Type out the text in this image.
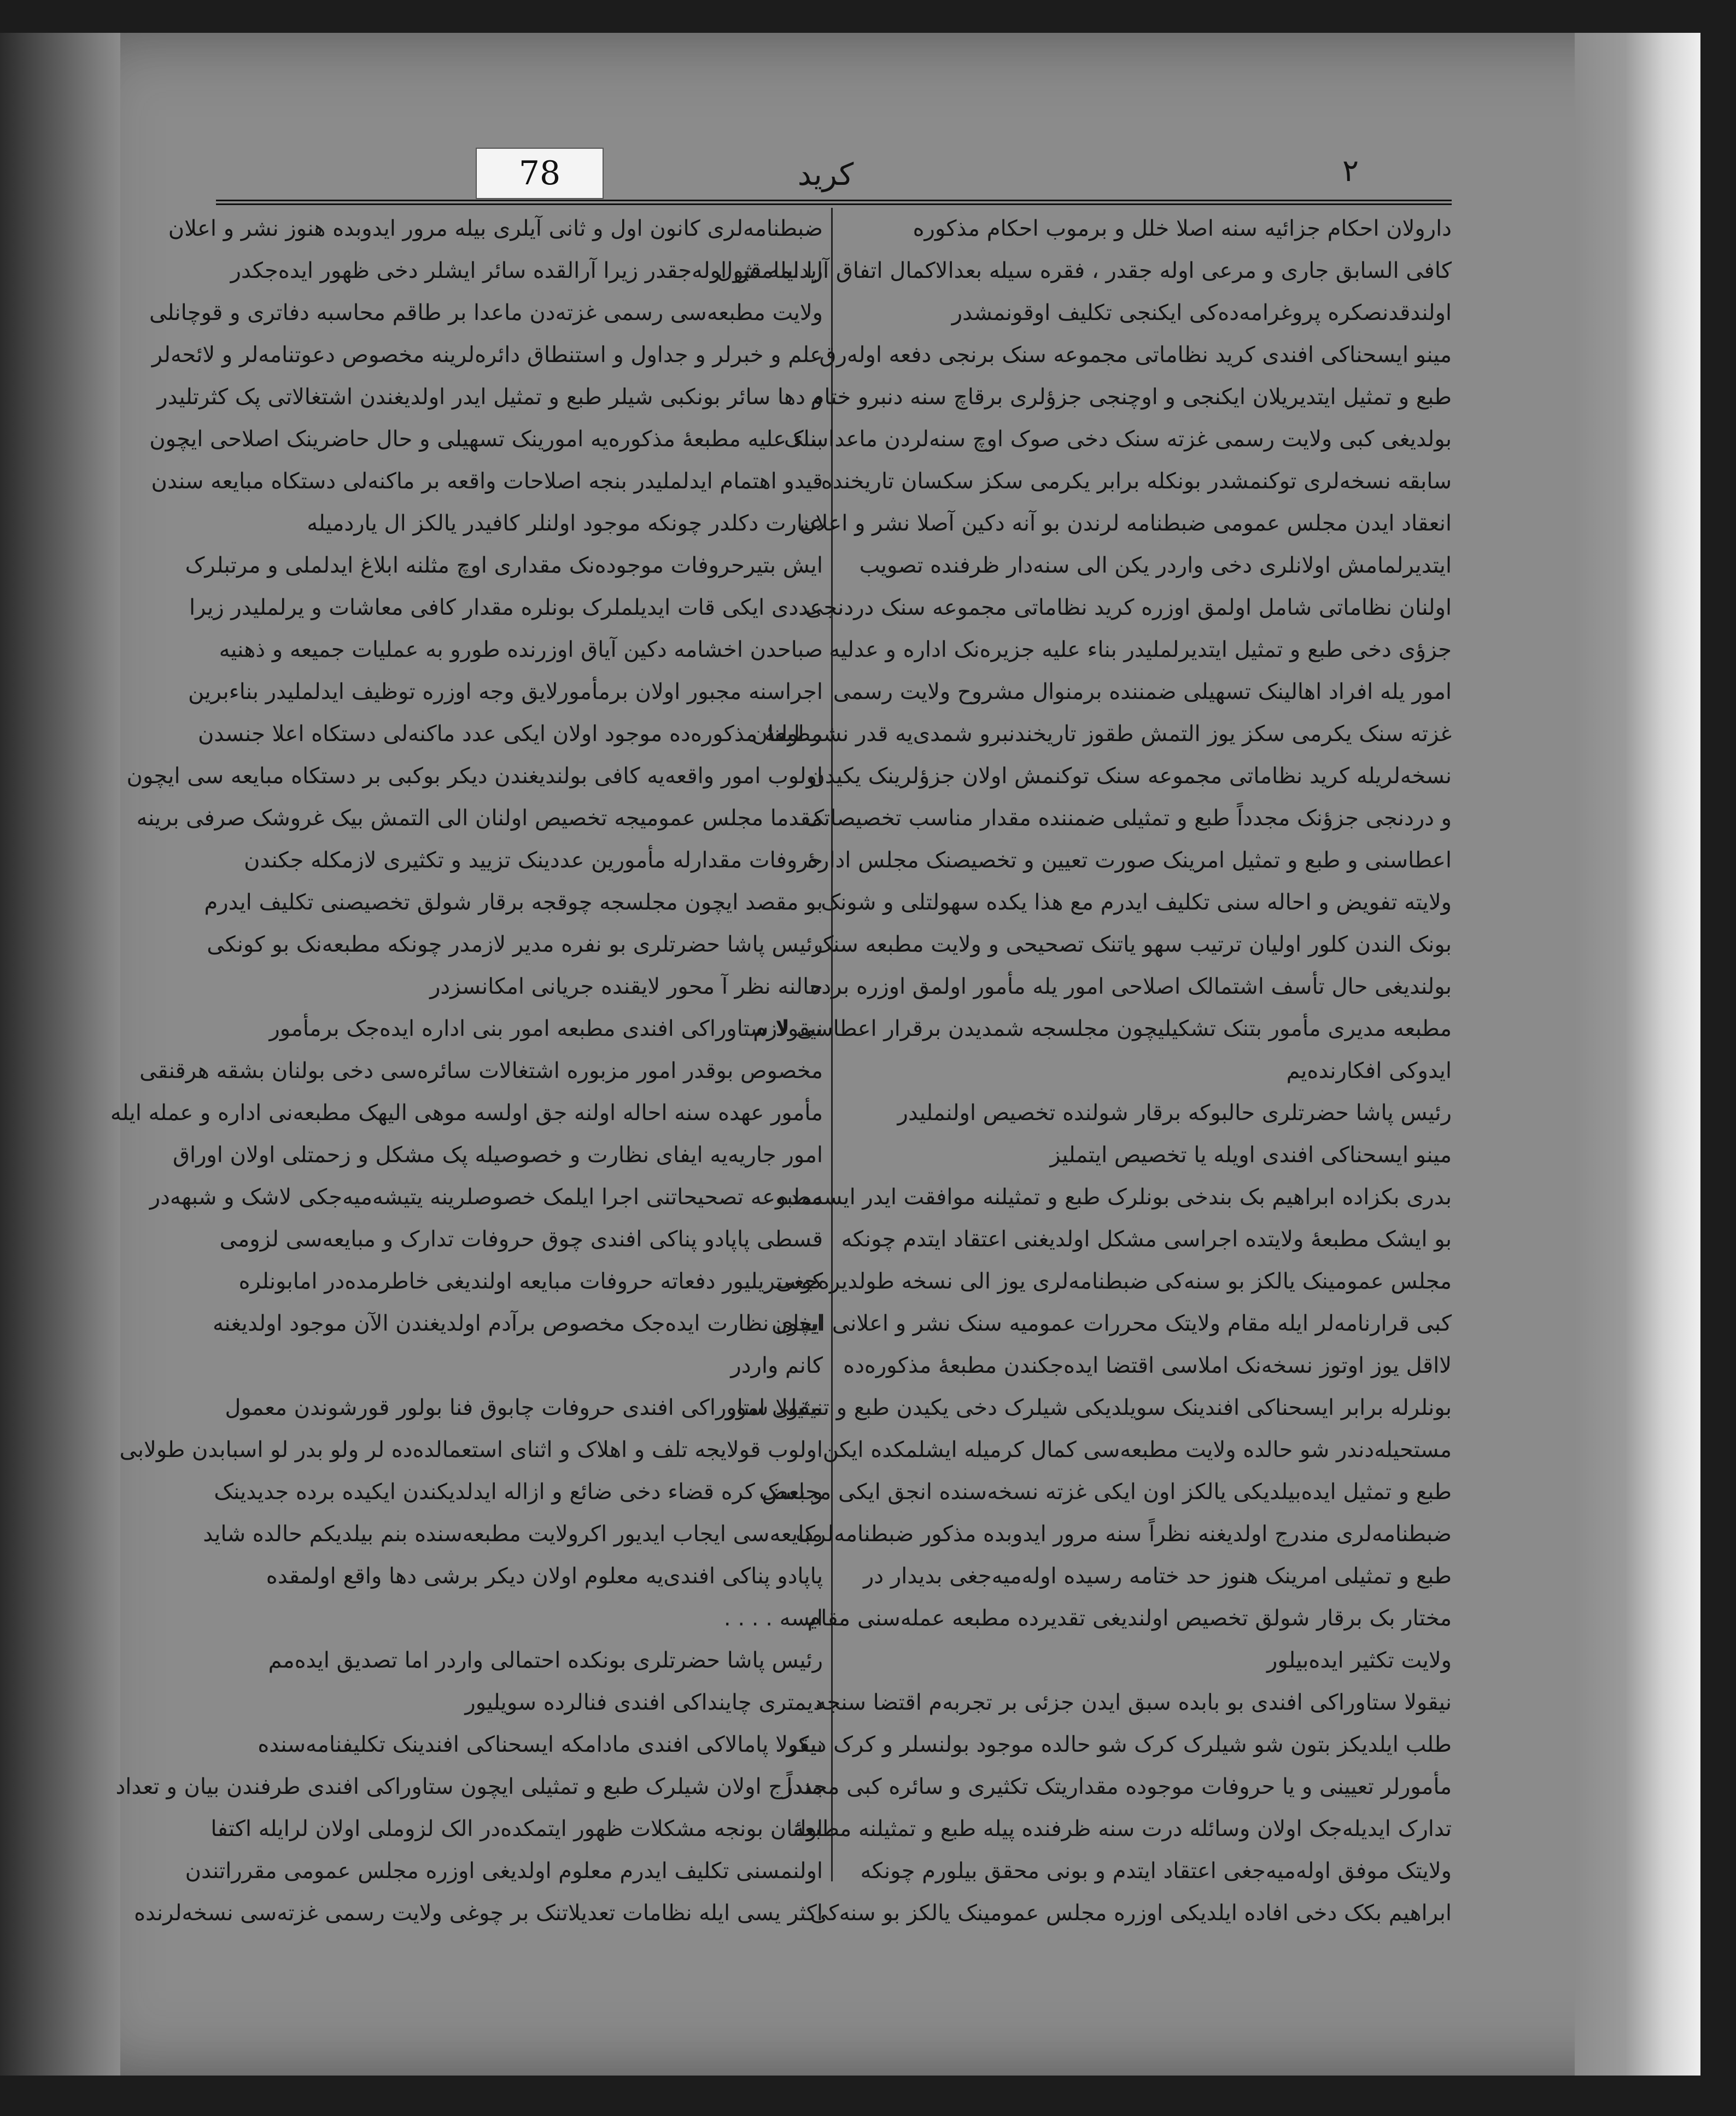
78	کرید	٢
دارولان احکام جزائیه سنه اصلا خلل و برموب احکام مذکوره
کافی السابق جاری و مرعی اوله جقدر ، فقره سیله بعدالاکمال اتفاق آرا ایله قبول
اولندقدنصکره پروغرامه‌ده‌کی ایکنجی تکلیف اوقونمشدر
مینو ایسحناکی افندی کرید نظاماتی مجموعه سنک برنجی دفعه اوله‌رق
طبع و تمثیل ایتدیریلان ایکنجی و اوچنجی جزؤلری برقاچ سنه دنبرو ختام
بولدیغی کبی ولایت رسمی غزته سنک دخی صوک اوچ سنه‌لردن ماعداسنک
سابقه نسخه‌لری توکنمشدر بونکله برابر یکرمی سکز سکسان تاریخنده
انعقاد ایدن مجلس عمومی ضبطنامه لرندن بو آنه دکین آصلا نشر و اعلان
ایتدیرلمامش اولانلری دخی واردر یکن الی سنه‌دار ظرفنده تصویب
اولنان نظاماتی شامل اولمق اوزره کرید نظاماتی مجموعه سنک دردنجی
جزؤی دخی طبع و تمثیل ایتدیرلملیدر بناء علیه جزیره‌نک اداره و عدلیه
امور یله افراد اهالینک تسهیلی ضمننده برمنوال مشروح ولایت رسمی
غزته سنک یکرمی سکز یوز التمش طقوز تاریخندنبرو شمدی‌یه قدر نشر اولنان
نسخه‌لریله کرید نظاماتی مجموعه سنک توکنمش اولان جزؤلرینک یکیدن
و دردنجی جزؤنک مجدداً طبع و تمثیلی ضمننده مقدار مناسب تخصیصاتک
اعطاسنی و طبع و تمثیل امرینک صورت تعیین و تخصیصنک مجلس اداره‌ٔ
ولایته تفویض و احاله سنی تکلیف ایدرم مع هذا یکده سهولتلی و شونک
بونک الندن کلور اولیان ترتیب سهو یاتنک تصحیحی و ولایت مطبعه سنک
بولندیغی حال تأسف اشتمالک اصلاحی امور یله مأمور اولمق اوزره برده
مطبعه مدیری مأمور بتنک تشکیلیچون مجلسجه شمدیدن برقرار اعطاسی لازم
ایدوکی افکارنده‌یم
رئیس پاشا حضرتلری حالبوکه برقار شولنده تخصیص اولنملیدر
مینو ایسحناکی افندی اویله یا تخصیص ایتملیز
بدری بکزاده ابراهیم بک بندخی بونلرک طبع و تمثیلنه موافقت ایدر ایسه‌مده
بو ایشک مطبعهٔ ولایتده اجراسی مشکل اولدیغنی اعتقاد ایتدم چونکه
مجلس عمومینک یالکز بو سنه‌کی ضبطنامه‌لری یوز الی نسخه طولدیره‌جغی
کبی قرارنامه‌لر ایله مقام ولایتک محررات عمومیه سنک نشر و اعلانی ایچون
لااقل یوز اوتوز نسخه‌نک املاسی اقتضا ایده‌جکندن مطبعهٔ مذکوره‌ده
بونلرله برابر ایسحناکی افندینک سویلدیکی شیلرک دخی یکیدن طبع و تمثیلی امور
مستحیله‌دندر شو حالده ولایت مطبعه‌سی کمال کرمیله ایشلمکده ایکن
طبع و تمثیل ایده‌بیلدیکی یالکز اون ایکی غزته نسخه‌سنده انجق ایکی مجلسک
ضبطنامه‌لری مندرج اولدیغنه نظراً سنه مرور ایدوبده مذکور ضبطنامه‌لرک
طبع و تمثیلی امرینک هنوز حد ختامه رسیده اوله‌میه‌جغی بدیدار در
مختار بک برقار شولق تخصیص اولندیغی تقدیرده مطبعه عمله‌سنی مقام
ولایت تکثیر ایده‌بیلور
نیقولا ستاوراکی افندی بو بابده سبق ایدن جزئی بر تجربه‌م اقتضا سنجه
طلب ایلدیکز بتون شو شیلرک کرک شو حالده موجود بولنسلر و کرک دیکر
مأمورلر تعیینی و یا حروفات موجوده مقداریتک تکثیری و سائره کبی مجدداً
تدارک ایدیله‌جک اولان وسائله درت سنه ظرفنده پیله طبع و تمثیلنه مطبعهٔ
ولایتک موفق اوله‌میه‌جغی اعتقاد ایتدم و بونی محقق بیلورم چونکه
ابراهیم بکک دخی افاده ایلدیکی اوزره مجلس عمومینک یالکز بو سنه‌کی
ضبطنامه‌لری کانون اول و ثانی آیلری بیله مرور ایدوبده هنوز نشر و اعلان
ایدلمامش اوله‌جقدر زیرا آرالقده سائر ایشلر دخی ظهور ایده‌جکدر
ولایت مطبعه‌سی رسمی غزته‌دن ماعدا بر طاقم محاسبه دفاتری و قوچانلی
علم و خبرلر و جداول و استنطاق دائره‌لرینه مخصوص دعوتنامه‌لر و لائحه‌لر
و دها سائر بونکبی شیلر طبع و تمثیل ایدر اولدیغندن اشتغالاتی پک کثرتلیدر
بناء علیه مطبعهٔ مذکوره‌یه امورینک تسهیلی و حال حاضرینک اصلاحی ایچون
قیدو اهتمام ایدلملیدر بنجه اصلاحات واقعه بر ماکنه‌لی دستکاه مبایعه سندن
عبارت دکلدر چونکه موجود اولنلر کافیدر یالکز ال یاردمیله
ایش بتیرحروفات موجوده‌نک مقداری اوچ مثلنه ابلاغ ایدلملی و مرتبلرک
عددی ایکی قات ایدیلملرک بونلره مقدار کافی معاشات و یرلملیدر زیرا
صباحدن اخشامه دکین آیاق اوزرنده طورو به عملیات جمیعه و ذهنیه
اجراسنه مجبور اولان برمأمورلایق وجه اوزره توظیف ایدلملیدر بناءبرین
مطبعهٔ مذکوره‌ده موجود اولان ایکی عدد ماکنه‌لی دستکاه اعلا جنسدن
اولوب امور واقعه‌یه کافی بولندیغندن دیکر بوکبی بر دستکاه مبایعه سی ایچون
مقدما مجلس عمومیجه تخصیص اولنان الی التمش بیک غروشک صرفی برینه
حروفات مقدارله مأمورین عددینک تزیید و تکثیری لازمکله جکندن
بو مقصد ایچون مجلسجه چوقجه برقار شولق تخصیصنی تکلیف ایدرم
رئیس پاشا حضرتلری بو نفره مدیر لازمدر چونکه مطبعه‌نک بو کونکی
حالنه نظر آ محور لایقنده جریانی امکانسزدر
نیقولا ستاوراکی افندی مطبعه امور بنی اداره ایده‌جک برمأمور
مخصوص بوقدر امور مزبوره اشتغالات سائره‌سی دخی بولنان بشقه هرقنقی
مأمور عهده سنه احاله اولنه جق اولسه موهی الیهک مطبعه‌نی اداره و عمله ایله
امور جاریه‌یه ایفای نظارت و خصوصیله پک مشکل و زحمتلی اولان اوراق
مطبوعه تصحیحاتنی اجرا ایلمک خصوصلرینه یتیشه‌میه‌جکی لاشک و شبهه‌در
قسطی پاپادو پناکی افندی چوق حروفات تدارک و مبایعه‌سی لزومی
کوستریلیور دفعاته حروفات مبایعه اولندیغی خاطرمده‌در امابونلره
ایفای نظارت ایده‌جک مخصوص برآدم اولدیغندن الآن موجود اولدیغنه
کانم واردر
نیقولا ستاوراکی افندی حروفات چابوق فنا بولور قورشوندن معمول
اولوب قولایجه تلف و اهلاک و اثنای استعمالده‌ده لر ولو بدر لو اسبابدن طولابی
و بعض کره قضاء دخی ضائع و ازاله ایدلدیکندن ایکیده برده جدیدینک
مبایعه‌سی ایجاب ایدیور اکرولایت مطبعه‌سنده بنم بیلدیکم حالده شاید
پاپادو پناکی افندی‌یه معلوم اولان دیکر برشی دها واقع اولمقده
ایسه . . . .
رئیس پاشا حضرتلری بونکده احتمالی واردر اما تصدیق ایده‌مم
دیمتری چاینداکی افندی فنالرده سویلیور
نیقولا پامالاکی افندی مادامکه ایسحناکی افندینک تکلیفنامه‌سنده
مندرج اولان شیلرک طبع و تمثیلی ایچون ستاوراکی افندی طرفندن بیان و تعداد
اولنان بونجه مشکلات ظهور ایتمکده‌در الک لزوملی اولان لرایله اکتفا
اولنمسنی تکلیف ایدرم معلوم اولدیغی اوزره مجلس عمومی مقرراتندن
اکثر یسی ایله نظامات تعدیلاتنک بر چوغی ولایت رسمی غزته‌سی نسخه‌لرنده
